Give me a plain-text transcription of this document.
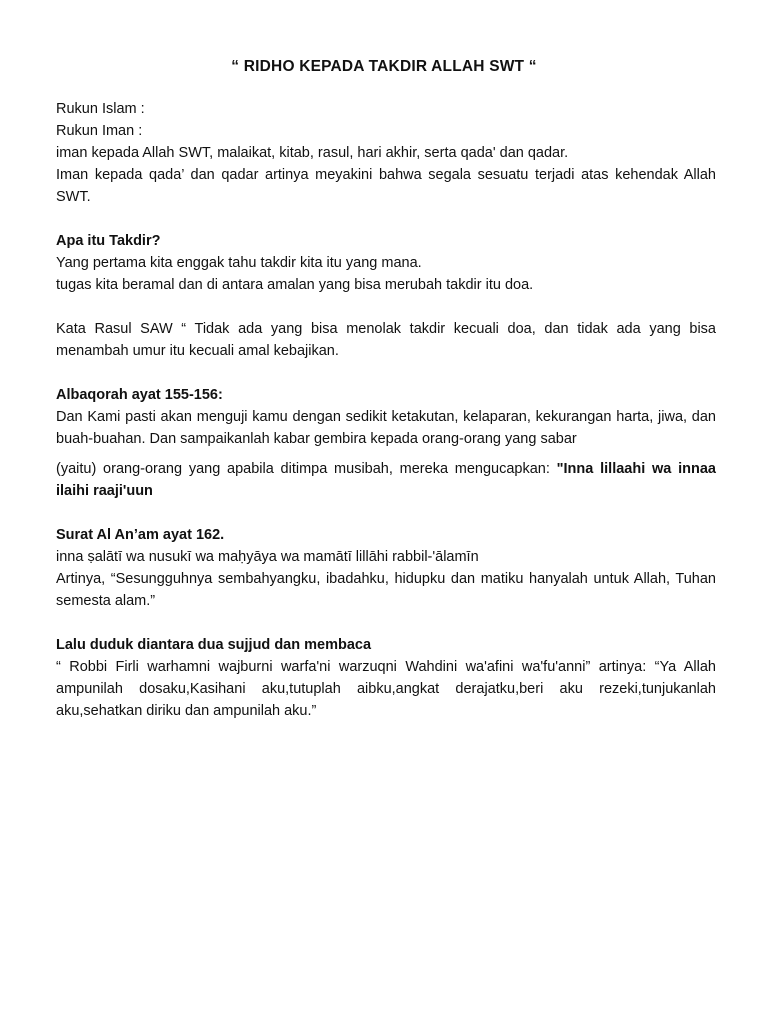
“ RIDHO KEPADA TAKDIR ALLAH SWT “
Rukun Islam :
Rukun Iman :
iman kepada Allah SWT, malaikat, kitab, rasul, hari akhir, serta qada' dan qadar.
Iman kepada qada’ dan qadar artinya meyakini bahwa segala sesuatu terjadi atas kehendak Allah SWT.
Apa itu Takdir?
Yang pertama kita enggak tahu takdir kita itu yang mana.
tugas kita beramal dan di antara amalan yang bisa merubah takdir itu doa.
Kata Rasul SAW “ Tidak ada yang bisa menolak takdir kecuali doa, dan tidak ada yang bisa menambah umur itu kecuali amal kebajikan.
Albaqorah ayat 155-156:
Dan Kami pasti akan menguji kamu dengan sedikit ketakutan, kelaparan, kekurangan harta, jiwa, dan buah-buahan. Dan sampaikanlah kabar gembira kepada orang-orang yang sabar
(yaitu) orang-orang yang apabila ditimpa musibah, mereka mengucapkan: "Inna lillaahi wa innaa ilaihi raaji'uun
Surat Al An’am ayat 162.
inna ṣalātī wa nusukī wa maḥyāya wa mamātī lillāhi rabbil-'ālamīn
Artinya, “Sesungguhnya sembahyangku, ibadahku, hidupku dan matiku hanyalah untuk Allah, Tuhan semesta alam.”
Lalu duduk diantara dua sujjud dan membaca
“ Robbi Firli warhamni wajburni warfa'ni warzuqni Wahdini wa'afini wa'fu'anni” artinya: “Ya Allah ampunilah dosaku,Kasihani aku,tutuplah aibku,angkat derajatku,beri aku rezeki,tunjukanlah aku,sehatkan diriku dan ampunilah aku.”
